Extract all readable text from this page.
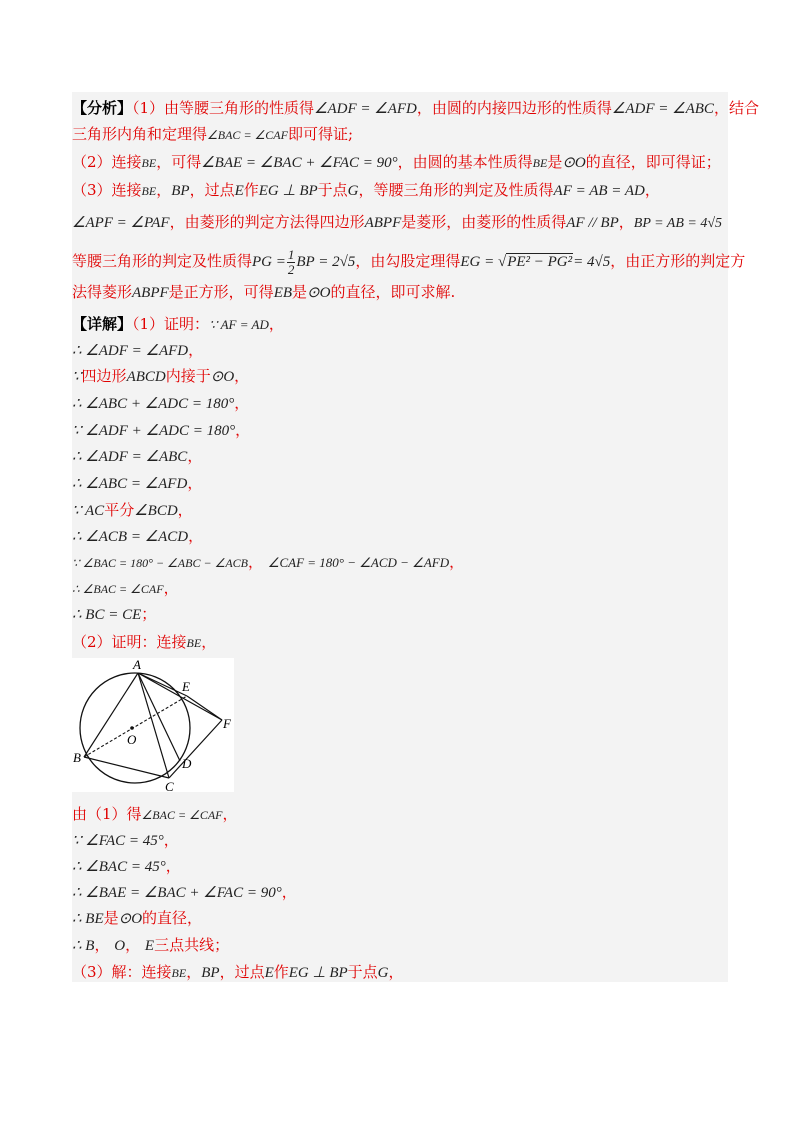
【分析】（1）由等腰三角形的性质得∠ADF = ∠AFD，由圆的内接四边形的性质得∠ADF = ∠ABC，结合
三角形内角和定理得∠BAC = ∠CAF即可得证;
（2）连接BE，可得∠BAE = ∠BAC + ∠FAC = 90°，由圆的基本性质得BE是⊙O的直径，即可得证；
（3）连接BE，BP，过点E作EG ⊥ BP于点G，等腰三角形的判定及性质得AF = AB = AD，
∠APF = ∠PAF，由菱形的判定方法得四边形ABPF是菱形，由菱形的性质得AF // BP，BP = AB = 4√5
等腰三角形的判定及性质得PG = $\frac{1}{2}$ BP = 2√5，由勾股定理得EG = √PE² − PG²= 4√5，由正方形的判定方
法得菱形ABPF是正方形，可得EB是⊙O的直径，即可求解.
【详解】（1）证明：∵ AF = AD，
∴ ∠ADF = ∠AFD，
∵四边形ABCD内接于⊙O，
∴ ∠ABC + ∠ADC = 180°，
∵ ∠ADF + ∠ADC = 180°，
∴ ∠ADF = ∠ABC，
∴ ∠ABC = ∠AFD，
∵ AC平分∠BCD，
∴ ∠ACB = ∠ACD，
∵ ∠BAC = 180° − ∠ABC − ∠ACB， ∠CAF = 180° − ∠ACD − ∠AFD，
∴ ∠BAC = ∠CAF，
∴ BC = CE；
（2）证明：连接BE，
A
B
C
D
E
F
O
由（1）得∠BAC = ∠CAF，
∵ ∠FAC = 45°，
∴ ∠BAC = 45°，
∴ ∠BAE = ∠BAC + ∠FAC = 90°，
∴ BE是⊙O的直径，
∴ B， O， E三点共线；
（3）解：连接BE，BP，过点E作EG ⊥ BP于点G，
